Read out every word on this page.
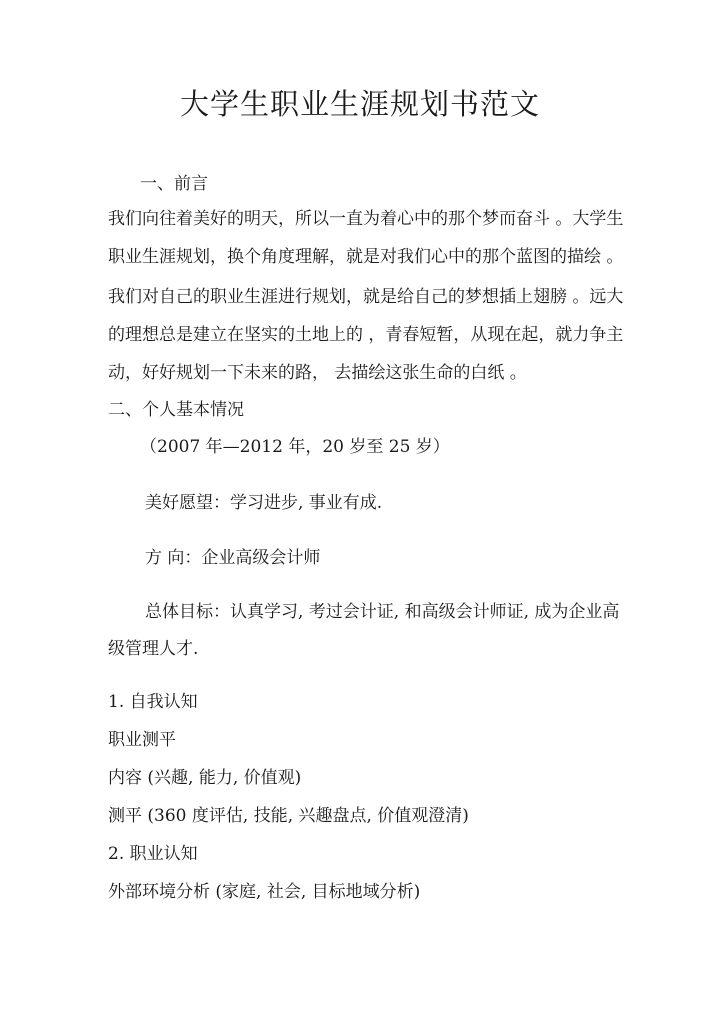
大学生职业生涯规划书范文
一、前言
我们向往着美好的明天，所以一直为着心中的那个梦而奋斗 。大学生
职业生涯规划，换个角度理解，就是对我们心中的那个蓝图的描绘 。
我们对自己的职业生涯进行规划，就是给自己的梦想插上翅膀 。远大
的理想总是建立在坚实的土地上的 ，青春短暂，从现在起，就力争主
动，好好规划一下未来的路， 去描绘这张生命的白纸 。
二、个人基本情况
（2007 年—2012 年，20 岁至 25 岁）
美好愿望：学习进步, 事业有成.
方 向：企业高级会计师
总体目标：认真学习, 考过会计证, 和高级会计师证, 成为企业高
级管理人才.
1. 自我认知
职业测平
内容 (兴趣, 能力, 价值观)
测平 (360 度评估, 技能, 兴趣盘点, 价值观澄清)
2. 职业认知
外部环境分析 (家庭, 社会, 目标地域分析)
